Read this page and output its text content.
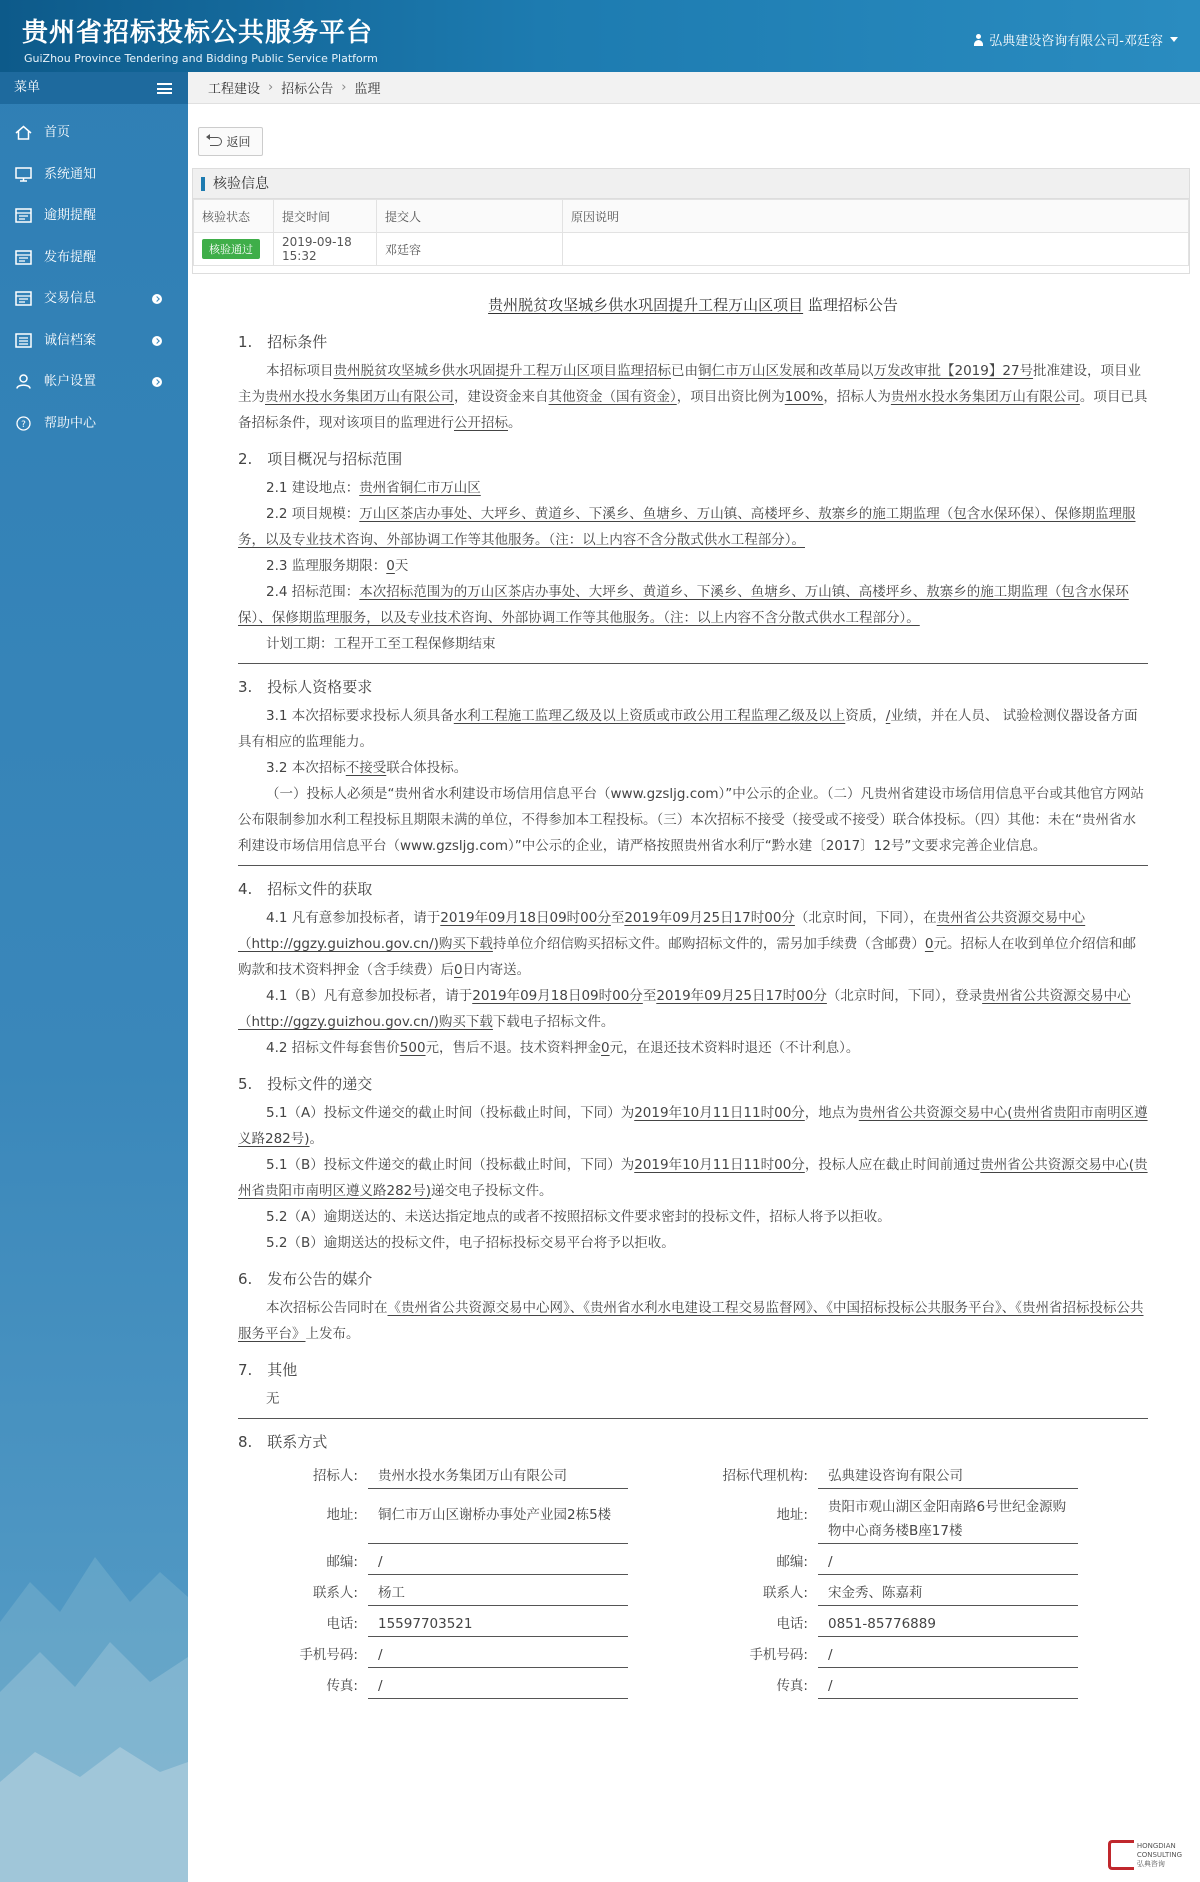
贵州省招标投标公共服务平台
GuiZhou Province Tendering and Bidding Public Service Platform
弘典建设咨询有限公司-邓廷容
菜单
首页
系统通知
逾期提醒
发布提醒
交易信息
诚信档案
帐户设置
? 帮助中心
工程建设 › 招标公告 › 监理
返回
核验信息
核验状态	提交时间	提交人	原因说明
核验通过	2019-09-18 15:32	邓廷容	
贵州脱贫攻坚城乡供水巩固提升工程万山区项目 监理招标公告
1.　招标条件
本招标项目贵州脱贫攻坚城乡供水巩固提升工程万山区项目监理招标已由铜仁市万山区发展和改革局以万发改审批【2019】27号批准建设，项目业主为贵州水投水务集团万山有限公司，建设资金来自其他资金（国有资金），项目出资比例为100%，招标人为贵州水投水务集团万山有限公司。项目已具备招标条件，现对该项目的监理进行公开招标。
2.　项目概况与招标范围
2.1 建设地点：贵州省铜仁市万山区
2.2 项目规模：万山区茶店办事处、大坪乡、黄道乡、下溪乡、鱼塘乡、万山镇、高楼坪乡、敖寨乡的施工期监理（包含水保环保）、保修期监理服务，以及专业技术咨询、外部协调工作等其他服务。（注：以上内容不含分散式供水工程部分）。
2.3 监理服务期限：0天
2.4 招标范围：本次招标范围为的万山区茶店办事处、大坪乡、黄道乡、下溪乡、鱼塘乡、万山镇、高楼坪乡、敖寨乡的施工期监理（包含水保环保）、保修期监理服务，以及专业技术咨询、外部协调工作等其他服务。（注：以上内容不含分散式供水工程部分）。
计划工期：工程开工至工程保修期结束
3.　投标人资格要求
3.1 本次招标要求投标人须具备水利工程施工监理乙级及以上资质或市政公用工程监理乙级及以上资质，/业绩，并在人员、 试验检测仪器设备方面具有相应的监理能力。
3.2 本次招标不接受联合体投标。
（一）投标人必须是“贵州省水利建设市场信用信息平台（www.gzsljg.com）”中公示的企业。（二）凡贵州省建设市场信用信息平台或其他官方网站公布限制参加水利工程投标且期限未满的单位，不得参加本工程投标。（三）本次招标不接受（接受或不接受）联合体投标。（四）其他：未在“贵州省水利建设市场信用信息平台（www.gzsljg.com）”中公示的企业，请严格按照贵州省水利厅“黔水建〔2017〕12号”文要求完善企业信息。
4.　招标文件的获取
4.1 凡有意参加投标者，请于2019年09月18日09时00分至2019年09月25日17时00分（北京时间，下同），在贵州省公共资源交易中心（http://ggzy.guizhou.gov.cn/)购买下载持单位介绍信购买招标文件。邮购招标文件的，需另加手续费（含邮费）0元。招标人在收到单位介绍信和邮购款和技术资料押金（含手续费）后0日内寄送。
4.1（B）凡有意参加投标者，请于2019年09月18日09时00分至2019年09月25日17时00分（北京时间，下同），登录贵州省公共资源交易中心（http://ggzy.guizhou.gov.cn/)购买下载下载电子招标文件。
4.2 招标文件每套售价500元，售后不退。技术资料押金0元，在退还技术资料时退还（不计利息）。
5.　投标文件的递交
5.1（A）投标文件递交的截止时间（投标截止时间，下同）为2019年10月11日11时00分，地点为贵州省公共资源交易中心(贵州省贵阳市南明区遵义路282号)。
5.1（B）投标文件递交的截止时间（投标截止时间，下同）为2019年10月11日11时00分，投标人应在截止时间前通过贵州省公共资源交易中心(贵州省贵阳市南明区遵义路282号)递交电子投标文件。
5.2（A）逾期送达的、未送达指定地点的或者不按照招标文件要求密封的投标文件，招标人将予以拒收。
5.2（B）逾期送达的投标文件，电子招标投标交易平台将予以拒收。
6.　发布公告的媒介
本次招标公告同时在《贵州省公共资源交易中心网》、《贵州省水利水电建设工程交易监督网》、《中国招标投标公共服务平台》、《贵州省招标投标公共服务平台》上发布。
7.　其他
无
8.　联系方式
招标人:	贵州水投水务集团万山有限公司	招标代理机构:	弘典建设咨询有限公司
地址:	铜仁市万山区谢桥办事处产业园2栋5楼	地址:	贵阳市观山湖区金阳南路6号世纪金源购物中心商务楼B座17楼
邮编:	/	邮编:	/
联系人:	杨工	联系人:	宋金秀、陈嘉莉
电话:	15597703521	电话:	0851-85776889
手机号码:	/	手机号码:	/
传真:	/	传真:	/
HONGDIAN
CONSULTING
弘典咨询
